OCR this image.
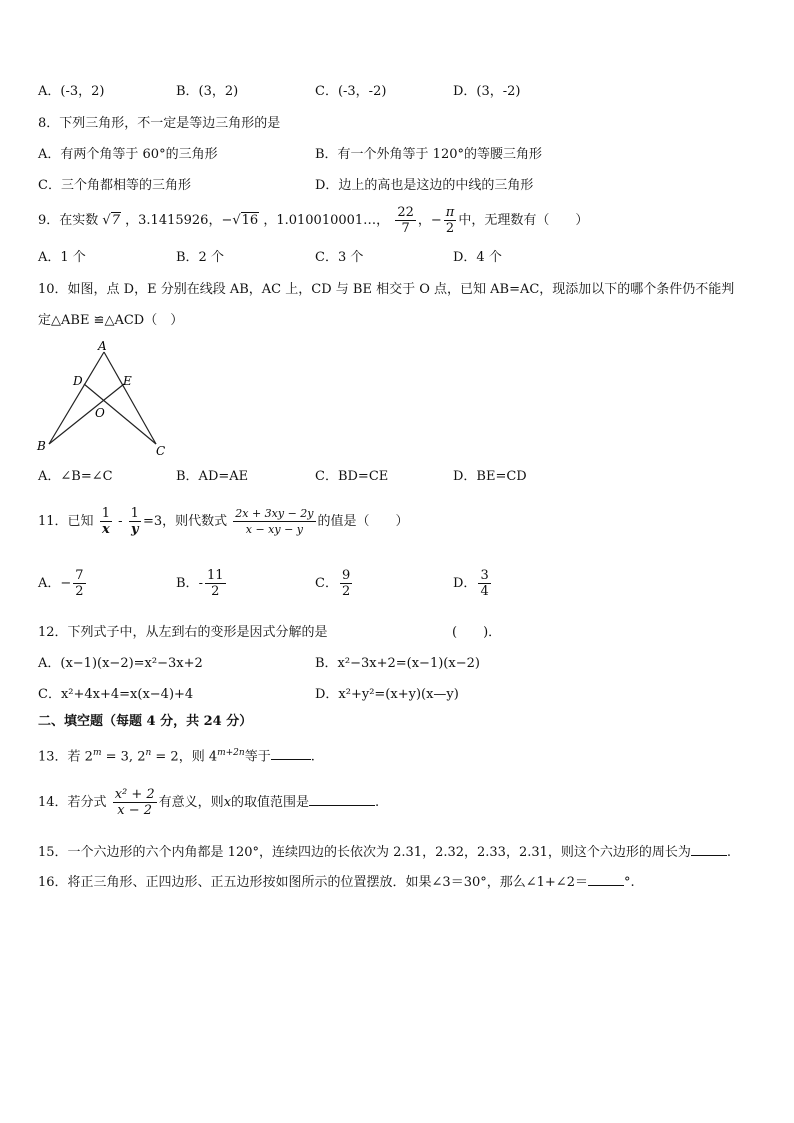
A．(-3，2)	B．(3，2)	C．(-3，-2)	D．(3，-2)
8．下列三角形，不一定是等边三角形的是
A．有两个角等于 60°的三角形	B．有一个外角等于 120°的等腰三角形
C．三个角都相等的三角形	D．边上的高也是这边的中线的三角形
9．在实数 √7 ，3.1415926，−√16 ，1.010010001…， $\frac{22}{7}$ ，− $\frac{\pi}{2}$ 中，无理数有（　　）
A．1 个	B．2 个	C．3 个	D．4 个
10．如图，点 D，E 分别在线段 AB，AC 上，CD 与 BE 相交于 O 点，已知 AB=AC，现添加以下的哪个条件仍不能判
定△ABE ≌△ACD（　）
A
D	E
O
B	C
A．∠B=∠C	B．AD=AE	C．BD=CE	D．BE=CD
11．已知 $\frac{1}{x} - \frac{1}{y} =3$，则代数式 $\frac{2x + 3xy - 2y}{x - xy - y}$ 的值是（　　）
A．− $\frac{7}{2}$	B．- $\frac{11}{2}$	C． $\frac{9}{2}$	D． $\frac{3}{4}$
12．下列式子中，从左到右的变形是因式分解的是	(　　)．
A．(x−1)(x−2)=x²−3x+2	B．x²−3x+2=(x−1)(x−2)
C．x²+4x+4=x(x−4)+4	D．x²+y²=(x+y)(x—y)
二、填空题（每题 4 分，共 24 分）
13．若 $2^m = 3$, $2^n = 2$，则 $4^{m+2n}$等于	.
14．若分式 $\frac{\text{x² + 2}}{x - 2}$ 有意义，则x的取值范围是	.
15．一个六边形的六个内角都是 120°，连续四边的长依次为 2.31，2.32，2.33，2.31，则这个六边形的周长为	.
16．将正三角形、正四边形、正五边形按如图所示的位置摆放．如果∠3＝30°，那么∠1+∠2＝	°.
